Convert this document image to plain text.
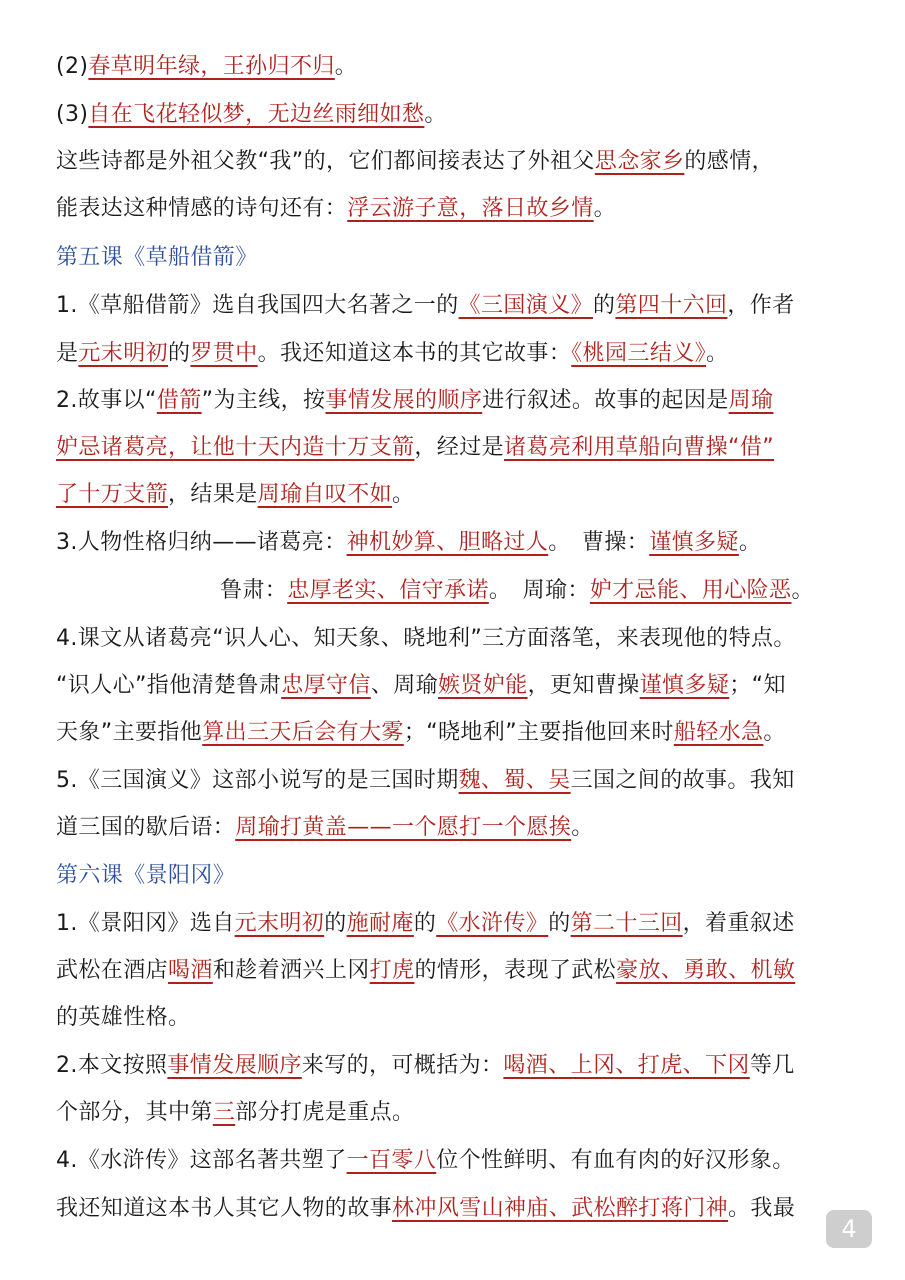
(2)春草明年绿，王孙归不归。
(3)自在飞花轻似梦，无边丝雨细如愁。
这些诗都是外祖父教“我”的，它们都间接表达了外祖父思念家乡的感情，
能表达这种情感的诗句还有：浮云游子意，落日故乡情。
第五课《草船借箭》
1.《草船借箭》选自我国四大名著之一的《三国演义》的第四十六回，作者
是元末明初的罗贯中。我还知道这本书的其它故事：《桃园三结义》。
2.故事以“借箭”为主线，按事情发展的顺序进行叙述。故事的起因是周瑜
妒忌诸葛亮，让他十天内造十万支箭，经过是诸葛亮利用草船向曹操“借”
了十万支箭，结果是周瑜自叹不如。
3.人物性格归纳——诸葛亮：神机妙算、胆略过人。　曹操：谨慎多疑。
鲁肃：忠厚老实、信守承诺。　周瑜：妒才忌能、用心险恶。
4.课文从诸葛亮“识人心、知天象、晓地利”三方面落笔，来表现他的特点。
“识人心”指他清楚鲁肃忠厚守信、周瑜嫉贤妒能，更知曹操谨慎多疑；“知
天象”主要指他算出三天后会有大雾；“晓地利”主要指他回来时船轻水急。
5.《三国演义》这部小说写的是三国时期魏、蜀、吴三国之间的故事。我知
道三国的歇后语：周瑜打黄盖——一个愿打一个愿挨。
第六课《景阳冈》
1.《景阳冈》选自元末明初的施耐庵的《水浒传》的第二十三回，着重叙述
武松在酒店喝酒和趁着洒兴上冈打虎的情形，表现了武松豪放、勇敢、机敏
的英雄性格。
2.本文按照事情发展顺序来写的，可概括为：喝酒、上冈、打虎、下冈等几
个部分，其中第三部分打虎是重点。
4.《水浒传》这部名著共塑了一百零八位个性鲜明、有血有肉的好汉形象。
我还知道这本书人其它人物的故事林冲风雪山神庙、武松醉打蒋门神。我最
4
